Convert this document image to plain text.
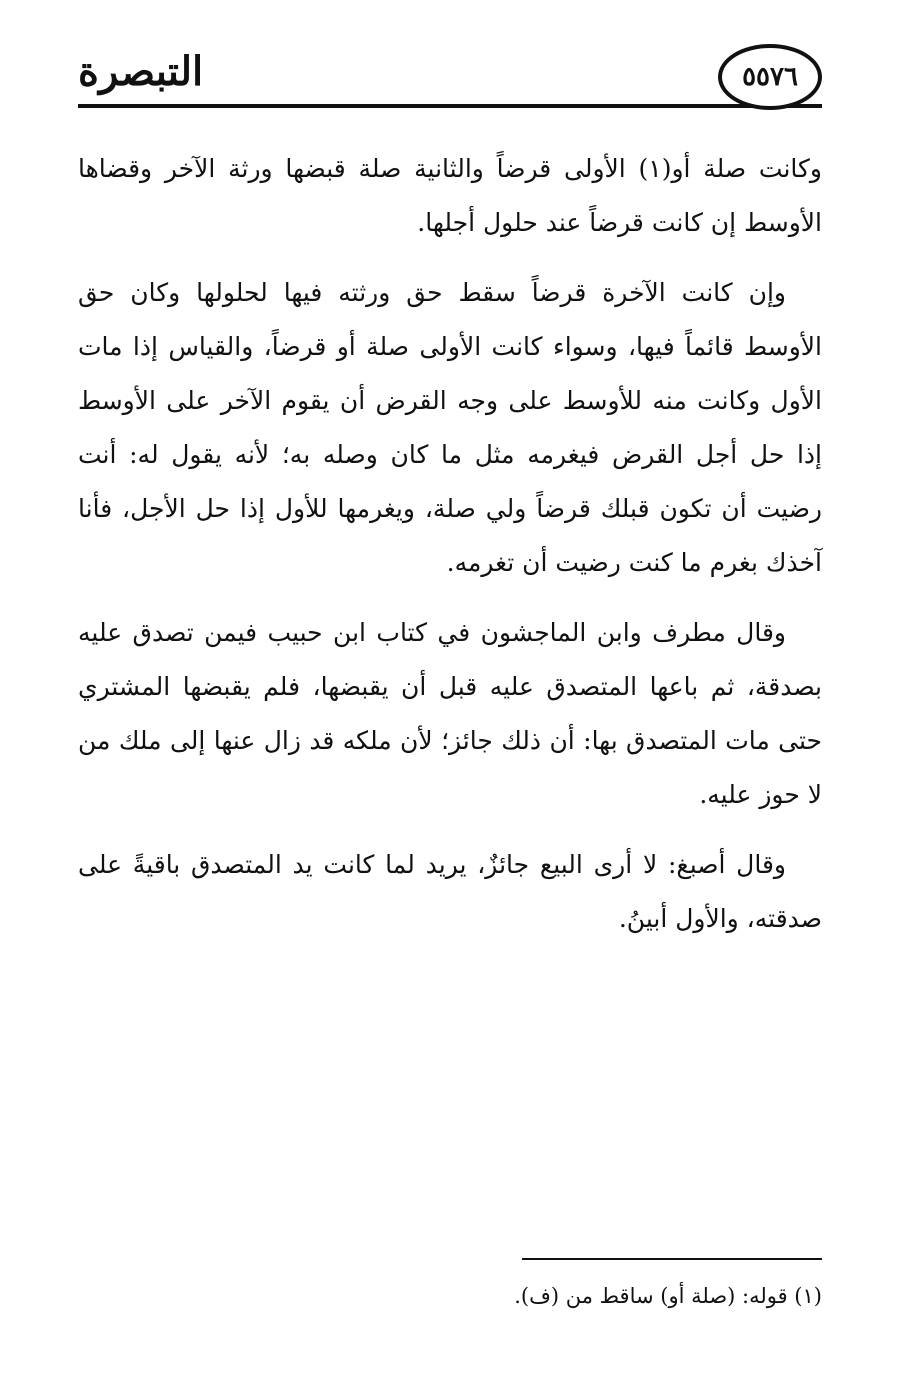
التبصرة	٥٥٧٦

وكانت صلة أو(١) الأولى قرضاً والثانية صلة قبضها ورثة الآخر وقضاها الأوسط إن كانت قرضاً عند حلول أجلها.

وإن كانت الآخرة قرضاً سقط حق ورثته فيها لحلولها وكان حق الأوسط قائماً فيها، وسواء كانت الأولى صلة أو قرضاً، والقياس إذا مات الأول وكانت منه للأوسط على وجه القرض أن يقوم الآخر على الأوسط إذا حل أجل القرض فيغرمه مثل ما كان وصله به؛ لأنه يقول له: أنت رضيت أن تكون قبلك قرضاً ولي صلة، ويغرمها للأول إذا حل الأجل، فأنا آخذك بغرم ما كنت رضيت أن تغرمه.

وقال مطرف وابن الماجشون في كتاب ابن حبيب فيمن تصدق عليه بصدقة، ثم باعها المتصدق عليه قبل أن يقبضها، فلم يقبضها المشتري حتى مات المتصدق بها: أن ذلك جائز؛ لأن ملكه قد زال عنها إلى ملك من لا حوز عليه.

وقال أصبغ: لا أرى البيع جائزٌ، يريد لما كانت يد المتصدق باقيةً على صدقته، والأول أبينُ.

(١) قوله: (صلة أو) ساقط من (ف).
